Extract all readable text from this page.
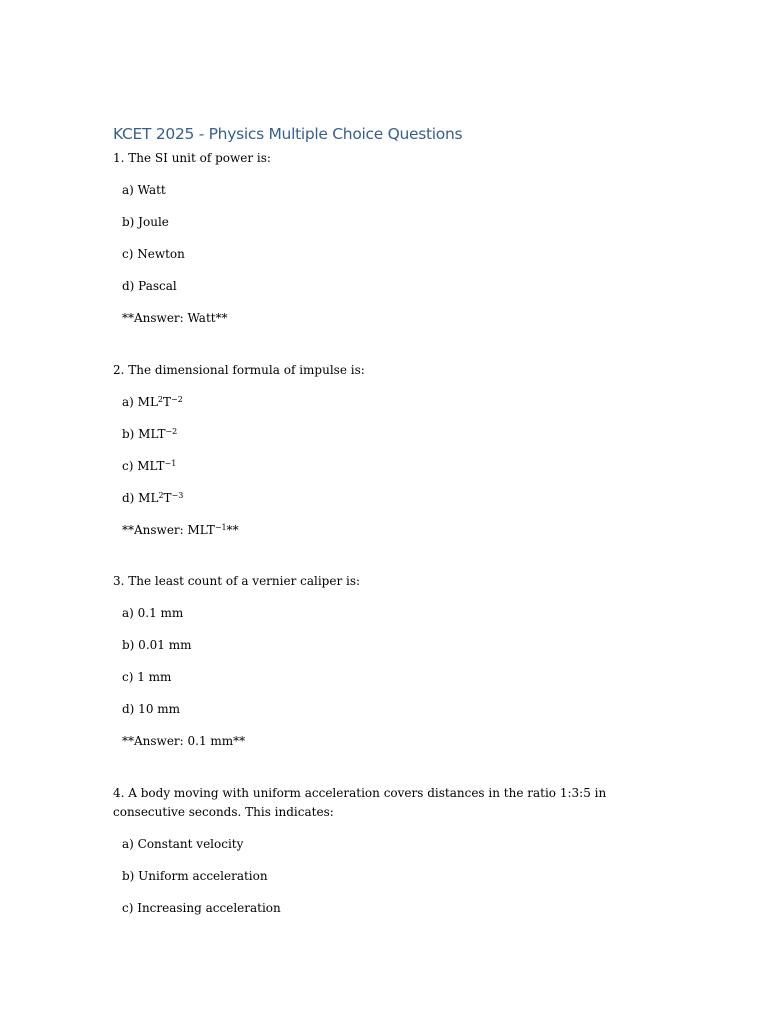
KCET 2025 - Physics Multiple Choice Questions
1. The SI unit of power is:
a) Watt
b) Joule
c) Newton
d) Pascal
**Answer: Watt**
2. The dimensional formula of impulse is:
a) $ML^2T^{-2}$
b) $MLT^{-2}$
c) $MLT^{-1}$
d) $ML^2T^{-3}$
**Answer: $MLT^{-1}**$
3. The least count of a vernier caliper is:
a) 0.1 mm
b) 0.01 mm
c) 1 mm
d) 10 mm
**Answer: 0.1 mm**
4. A body moving with uniform acceleration covers distances in the ratio 1:3:5 in
consecutive seconds. This indicates:
a) Constant velocity
b) Uniform acceleration
c) Increasing acceleration
